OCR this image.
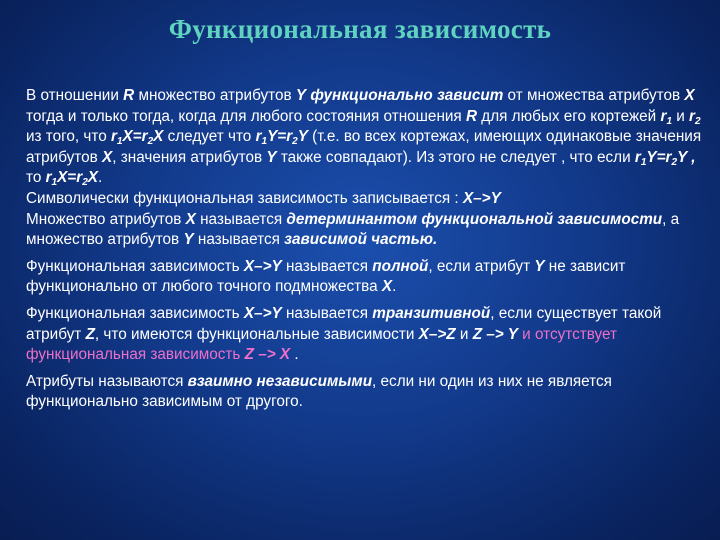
Функциональная зависимость

В отношении R множество атрибутов Y функционально зависит от множества атрибутов X тогда и только тогда, когда для любого состояния отношения R для любых его кортежей $r_1$ и $r_2$ из того, что $r_1X=r_2X$ следует что $r_1Y=r_2Y$ (т.е. во всех кортежах, имеющих одинаковые значения атрибутов X, значения атрибутов Y также совпадают). Из этого не следует , что если $r_1Y=r_2Y$ , то $r_1X=r_2X$.
Символически функциональная зависимость записывается : X–>Y
Множество атрибутов X называется детерминантом функциональной зависимости, а множество атрибутов Y называется зависимой частью.

Функциональная зависимость X–>Y называется полной, если атрибут Y не зависит функционально от любого точного подмножества X.

Функциональная зависимость X–>Y называется транзитивной, если существует такой атрибут Z, что имеются функциональные зависимости X–>Z и Z –> Y и отсутствует функциональная зависимость Z –> X .

Атрибуты называются взаимно независимыми, если ни один из них не является функционально зависимым от другого.
